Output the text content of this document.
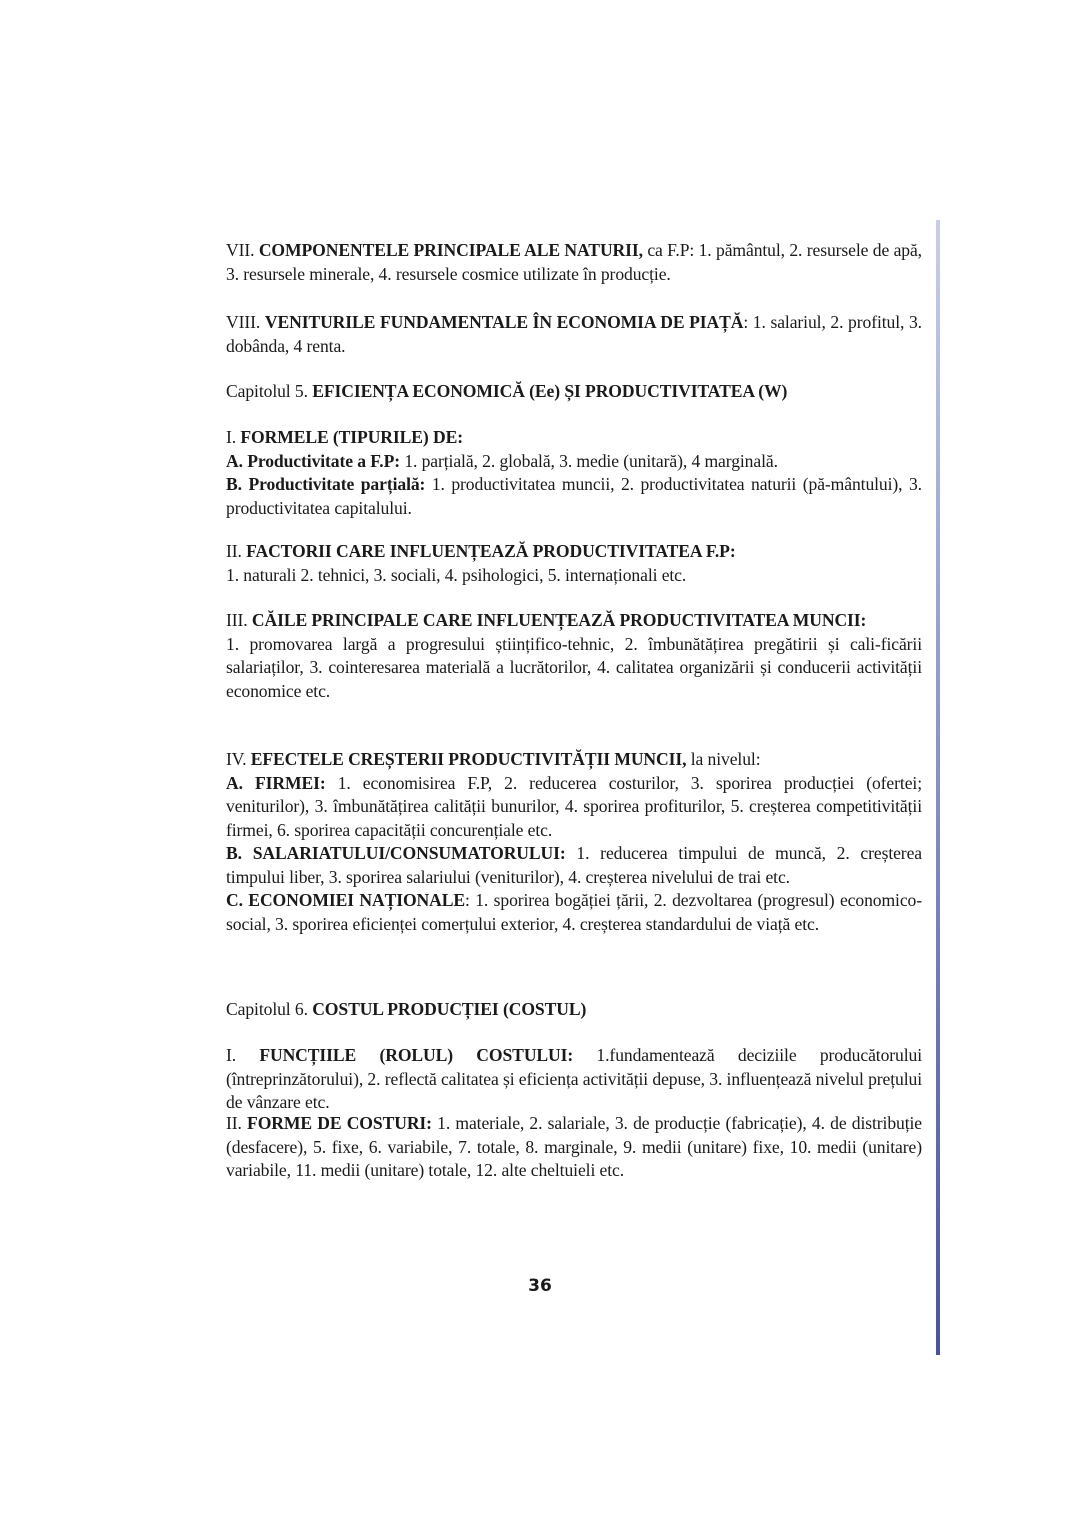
VII. COMPONENTELE PRINCIPALE ALE NATURII, ca F.P: 1. pământul, 2. resursele de apă, 3. resursele minerale, 4. resursele cosmice utilizate în producție.

VIII. VENITURILE FUNDAMENTALE ÎN ECONOMIA DE PIAȚĂ: 1. salariul, 2. profitul, 3. dobânda, 4 renta.

Capitolul 5. EFICIENȚA ECONOMICĂ (Ee) ȘI PRODUCTIVITATEA (W)

I. FORMELE (TIPURILE) DE:

A. Productivitate a F.P: 1. parțială, 2. globală, 3. medie (unitară), 4 marginală.

B. Productivitate parțială: 1. productivitatea muncii, 2. productivitatea naturii (pă-mântului), 3. productivitatea capitalului.

II. FACTORII CARE INFLUENȚEAZĂ PRODUCTIVITATEA F.P:

1. naturali 2. tehnici, 3. sociali, 4. psihologici, 5. internaționali etc.

III. CĂILE PRINCIPALE CARE INFLUENȚEAZĂ PRODUCTIVITATEA MUNCII:

1. promovarea largă a progresului științifico-tehnic, 2. îmbunătățirea pregătirii și cali-ficării salariaților, 3. cointeresarea materială a lucrătorilor, 4. calitatea organizării și conducerii activității economice etc.

IV. EFECTELE CREȘTERII PRODUCTIVITĂȚII MUNCII, la nivelul:

A. FIRMEI: 1. economisirea F.P, 2. reducerea costurilor, 3. sporirea producției (ofertei; veniturilor), 3. îmbunătățirea calității bunurilor, 4. sporirea profiturilor, 5. creșterea competitivității firmei, 6. sporirea capacității concurențiale etc.

B. SALARIATULUI/CONSUMATORULUI: 1. reducerea timpului de muncă, 2. creșterea timpului liber, 3. sporirea salariului (veniturilor), 4. creșterea nivelului de trai etc.

C. ECONOMIEI NAȚIONALE: 1. sporirea bogăției țării, 2. dezvoltarea (progresul) economico-social, 3. sporirea eficienței comerțului exterior, 4. creșterea standardului de viață etc.

Capitolul 6. COSTUL PRODUCȚIEI (COSTUL)

I. FUNCȚIILE (ROLUL) COSTULUI: 1.fundamentează deciziile producătorului (întreprinzătorului), 2. reflectă calitatea și eficiența activității depuse, 3. influențează nivelul prețului de vânzare etc.

II. FORME DE COSTURI: 1. materiale, 2. salariale, 3. de producție (fabricație), 4. de distribuție (desfacere), 5. fixe, 6. variabile, 7. totale, 8. marginale, 9. medii (unitare) fixe, 10. medii (unitare) variabile, 11. medii (unitare) totale, 12. alte cheltuieli etc.

36
